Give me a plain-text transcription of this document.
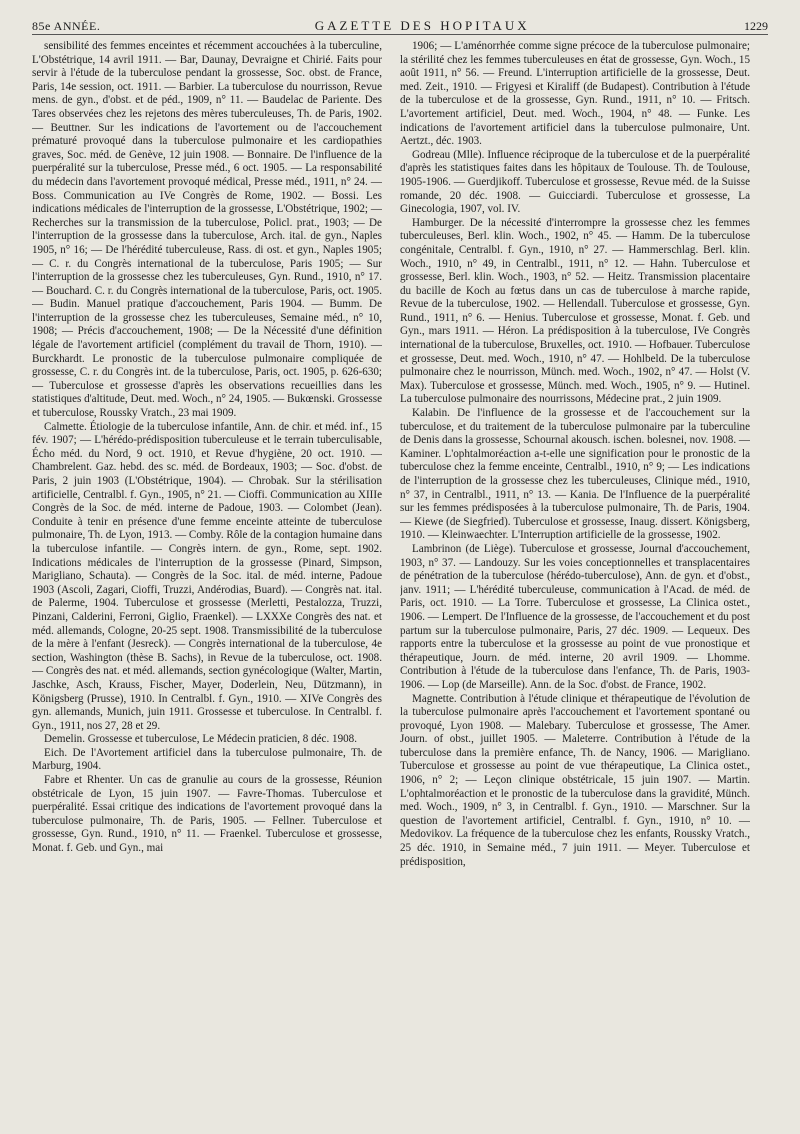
85e ANNÉE.	GAZETTE DES HOPITAUX	1229

sensibilité des femmes enceintes et récemment accouchées à la tuberculine, L'Obstétrique, 14 avril 1911. — Bar, Daunay, Devraigne et Chirié. Faits pour servir à l'étude de la tuberculose pendant la grossesse, Soc. obst. de France, Paris, 14e session, oct. 1911. — Barbier. La tuberculose du nourrisson, Revue mens. de gyn., d'obst. et de péd., 1909, n° 11. — Baudelac de Pariente. Des Tares observées chez les rejetons des mères tuberculeuses, Th. de Paris, 1902. — Beuttner. Sur les indications de l'avortement ou de l'accouchement prématuré provoqué dans la tuberculose pulmonaire et les cardiopathies graves, Soc. méd. de Genève, 12 juin 1908. — Bonnaire. De l'influence de la puerpéralité sur la tuberculose, Presse méd., 6 oct. 1905. — La responsabilité du médecin dans l'avortement provoqué médical, Presse méd., 1911, n° 24. — Boss. Communication au IVe Congrès de Rome, 1902. — Bossi. Les indications médicales de l'interruption de la grossesse, L'Obstétrique, 1902; — Recherches sur la transmission de la tuberculose, Policl. prat., 1903; — De l'interruption de la grossesse dans la tuberculose, Arch. ital. de gyn., Naples 1905, n° 16; — De l'hérédité tuberculeuse, Rass. di ost. et gyn., Naples 1905; — C. r. du Congrès international de la tuberculose, Paris 1905; — Sur l'interruption de la grossesse chez les tuberculeuses, Gyn. Rund., 1910, n° 17. — Bouchard. C. r. du Congrès international de la tuberculose, Paris, oct. 1905. — Budin. Manuel pratique d'accouchement, Paris 1904. — Bumm. De l'interruption de la grossesse chez les tuberculeuses, Semaine méd., n° 10, 1908; — Précis d'accouchement, 1908; — De la Nécessité d'une définition légale de l'avortement artificiel (complément du travail de Thorn, 1910). — Burckhardt. Le pronostic de la tuberculose pulmonaire compliquée de grossesse, C. r. du Congrès int. de la tuberculose, Paris, oct. 1905, p. 626-630; — Tuberculose et grossesse d'après les observations recueillies dans les statistiques d'altitude, Deut. med. Woch., n° 24, 1905. — Bukœnski. Grossesse et tuberculose, Roussky Vratch., 23 mai 1909.

Calmette. Étiologie de la tuberculose infantile, Ann. de chir. et méd. inf., 15 fév. 1907; — L'hérédo-prédisposition tuberculeuse et le terrain tuberculisable, Écho méd. du Nord, 9 oct. 1910, et Revue d'hygiène, 20 oct. 1910. — Chambrelent. Gaz. hebd. des sc. méd. de Bordeaux, 1903; — Soc. d'obst. de Paris, 2 juin 1903 (L'Obstétrique, 1904). — Chrobak. Sur la stérilisation artificielle, Centralbl. f. Gyn., 1905, n° 21. — Cioffi. Communication au XIIIe Congrès de la Soc. de méd. interne de Padoue, 1903. — Colombet (Jean). Conduite à tenir en présence d'une femme enceinte atteinte de tuberculose pulmonaire, Th. de Lyon, 1913. — Comby. Rôle de la contagion humaine dans la tuberculose infantile. — Congrès intern. de gyn., Rome, sept. 1902. Indications médicales de l'interruption de la grossesse (Pinard, Simpson, Marigliano, Schauta). — Congrès de la Soc. ital. de méd. interne, Padoue 1903 (Ascoli, Zagari, Cioffi, Truzzi, Andérodias, Buard). — Congrès nat. ital. de Palerme, 1904. Tuberculose et grossesse (Merletti, Pestalozza, Truzzi, Pinzani, Calderini, Ferroni, Giglio, Fraenkel). — LXXXe Congrès des nat. et méd. allemands, Cologne, 20-25 sept. 1908. Transmissibilité de la tuberculose de la mère à l'enfant (Jesreck). — Congrès international de la tuberculose, 4e section, Washington (thèse B. Sachs), in Revue de la tuberculose, oct. 1908. — Congrès des nat. et méd. allemands, section gynécologique (Walter, Martin, Jaschke, Asch, Krauss, Fischer, Mayer, Doderlein, Neu, Dützmann), in Königsberg (Prusse), 1910. In Centralbl. f. Gyn., 1910. — XIVe Congrès des gyn. allemands, Munich, juin 1911. Grossesse et tuberculose. In Centralbl. f. Gyn., 1911, nos 27, 28 et 29.

Demelin. Grossesse et tuberculose, Le Médecin praticien, 8 déc. 1908.

Eich. De l'Avortement artificiel dans la tuberculose pulmonaire, Th. de Marburg, 1904.

Fabre et Rhenter. Un cas de granulie au cours de la grossesse, Réunion obstétricale de Lyon, 15 juin 1907. — Favre-Thomas. Tuberculose et puerpéralité. Essai critique des indications de l'avortement provoqué dans la tuberculose pulmonaire, Th. de Paris, 1905. — Fellner. Tuberculose et grossesse, Gyn. Rund., 1910, n° 11. — Fraenkel. Tuberculose et grossesse, Monat. f. Geb. und Gyn., mai

1906; — L'aménorrhée comme signe précoce de la tuberculose pulmonaire; la stérilité chez les femmes tuberculeuses en état de grossesse, Gyn. Woch., 15 août 1911, n° 56. — Freund. L'interruption artificielle de la grossesse, Deut. med. Zeit., 1910. — Frigyesi et Kiraliff (de Budapest). Contribution à l'étude de la tuberculose et de la grossesse, Gyn. Rund., 1911, n° 10. — Fritsch. L'avortement artificiel, Deut. med. Woch., 1904, n° 48. — Funke. Les indications de l'avortement artificiel dans la tuberculose pulmonaire, Unt. Aertzt., déc. 1903.

Godreau (Mlle). Influence réciproque de la tuberculose et de la puerpéralité d'après les statistiques faites dans les hôpitaux de Toulouse. Th. de Toulouse, 1905-1906. — Guerdjikoff. Tuberculose et grossesse, Revue méd. de la Suisse romande, 20 déc. 1908. — Guicciardi. Tuberculose et grossesse, La Ginecologia, 1907, vol. IV.

Hamburger. De la nécessité d'interrompre la grossesse chez les femmes tuberculeuses, Berl. klin. Woch., 1902, n° 45. — Hamm. De la tuberculose congénitale, Centralbl. f. Gyn., 1910, n° 27. — Hammerschlag. Berl. klin. Woch., 1910, n° 49, in Centralbl., 1911, n° 12. — Hahn. Tuberculose et grossesse, Berl. klin. Woch., 1903, n° 52. — Heitz. Transmission placentaire du bacille de Koch au fœtus dans un cas de tuberculose à marche rapide, Revue de la tuberculose, 1902. — Hellendall. Tuberculose et grossesse, Gyn. Rund., 1911, n° 6. — Henius. Tuberculose et grossesse, Monat. f. Geb. und Gyn., mars 1911. — Héron. La prédisposition à la tuberculose, IVe Congrès international de la tuberculose, Bruxelles, oct. 1910. — Hofbauer. Tuberculose et grossesse, Deut. med. Woch., 1910, n° 47. — Hohlbeld. De la tuberculose pulmonaire chez le nourrisson, Münch. med. Woch., 1902, n° 47. — Holst (V. Max). Tuberculose et grossesse, Münch. med. Woch., 1905, n° 9. — Hutinel. La tuberculose pulmonaire des nourrissons, Médecine prat., 2 juin 1909.

Kalabin. De l'influence de la grossesse et de l'accouchement sur la tuberculose, et du traitement de la tuberculose pulmonaire par la tuberculine de Denis dans la grossesse, Schournal akousch. ischen. bolesnei, nov. 1908. — Kaminer. L'ophtalmoréaction a-t-elle une signification pour le pronostic de la tuberculose chez la femme enceinte, Centralbl., 1910, n° 9; — Les indications de l'interruption de la grossesse chez les tuberculeuses, Clinique méd., 1910, n° 37, in Centralbl., 1911, n° 13. — Kania. De l'Influence de la puerpéralité sur les femmes prédisposées à la tuberculose pulmonaire, Th. de Paris, 1904. — Kiewe (de Siegfried). Tuberculose et grossesse, Inaug. dissert. Königsberg, 1910. — Kleinwaechter. L'Interruption artificielle de la grossesse, 1902.

Lambrinon (de Liège). Tuberculose et grossesse, Journal d'accouchement, 1903, n° 37. — Landouzy. Sur les voies conceptionnelles et transplacentaires de pénétration de la tuberculose (hérédo-tuberculose), Ann. de gyn. et d'obst., janv. 1911; — L'hérédité tuberculeuse, communication à l'Acad. de méd. de Paris, oct. 1910. — La Torre. Tuberculose et grossesse, La Clinica ostet., 1906. — Lempert. De l'Influence de la grossesse, de l'accouchement et du post partum sur la tuberculose pulmonaire, Paris, 27 déc. 1909. — Lequeux. Des rapports entre la tuberculose et la grossesse au point de vue pronostique et thérapeutique, Journ. de méd. interne, 20 avril 1909. — Lhomme. Contribution à l'étude de la tuberculose dans l'enfance, Th. de Paris, 1903-1906. — Lop (de Marseille). Ann. de la Soc. d'obst. de France, 1902.

Magnette. Contribution à l'étude clinique et thérapeutique de l'évolution de la tuberculose pulmonaire après l'accouchement et l'avortement spontané ou provoqué, Lyon 1908. — Malebary. Tuberculose et grossesse, The Amer. Journ. of obst., juillet 1905. — Maleterre. Contribution à l'étude de la tuberculose dans la première enfance, Th. de Nancy, 1906. — Marigliano. Tuberculose et grossesse au point de vue thérapeutique, La Clinica ostet., 1906, n° 2; — Leçon clinique obstétricale, 15 juin 1907. — Martin. L'ophtalmoréaction et le pronostic de la tuberculose dans la gravidité, Münch. med. Woch., 1909, n° 3, in Centralbl. f. Gyn., 1910. — Marschner. Sur la question de l'avortement artificiel, Centralbl. f. Gyn., 1910, n° 10. — Medovikov. La fréquence de la tuberculose chez les enfants, Roussky Vratch., 25 déc. 1910, in Semaine méd., 7 juin 1911. — Meyer. Tuberculose et prédisposition,
